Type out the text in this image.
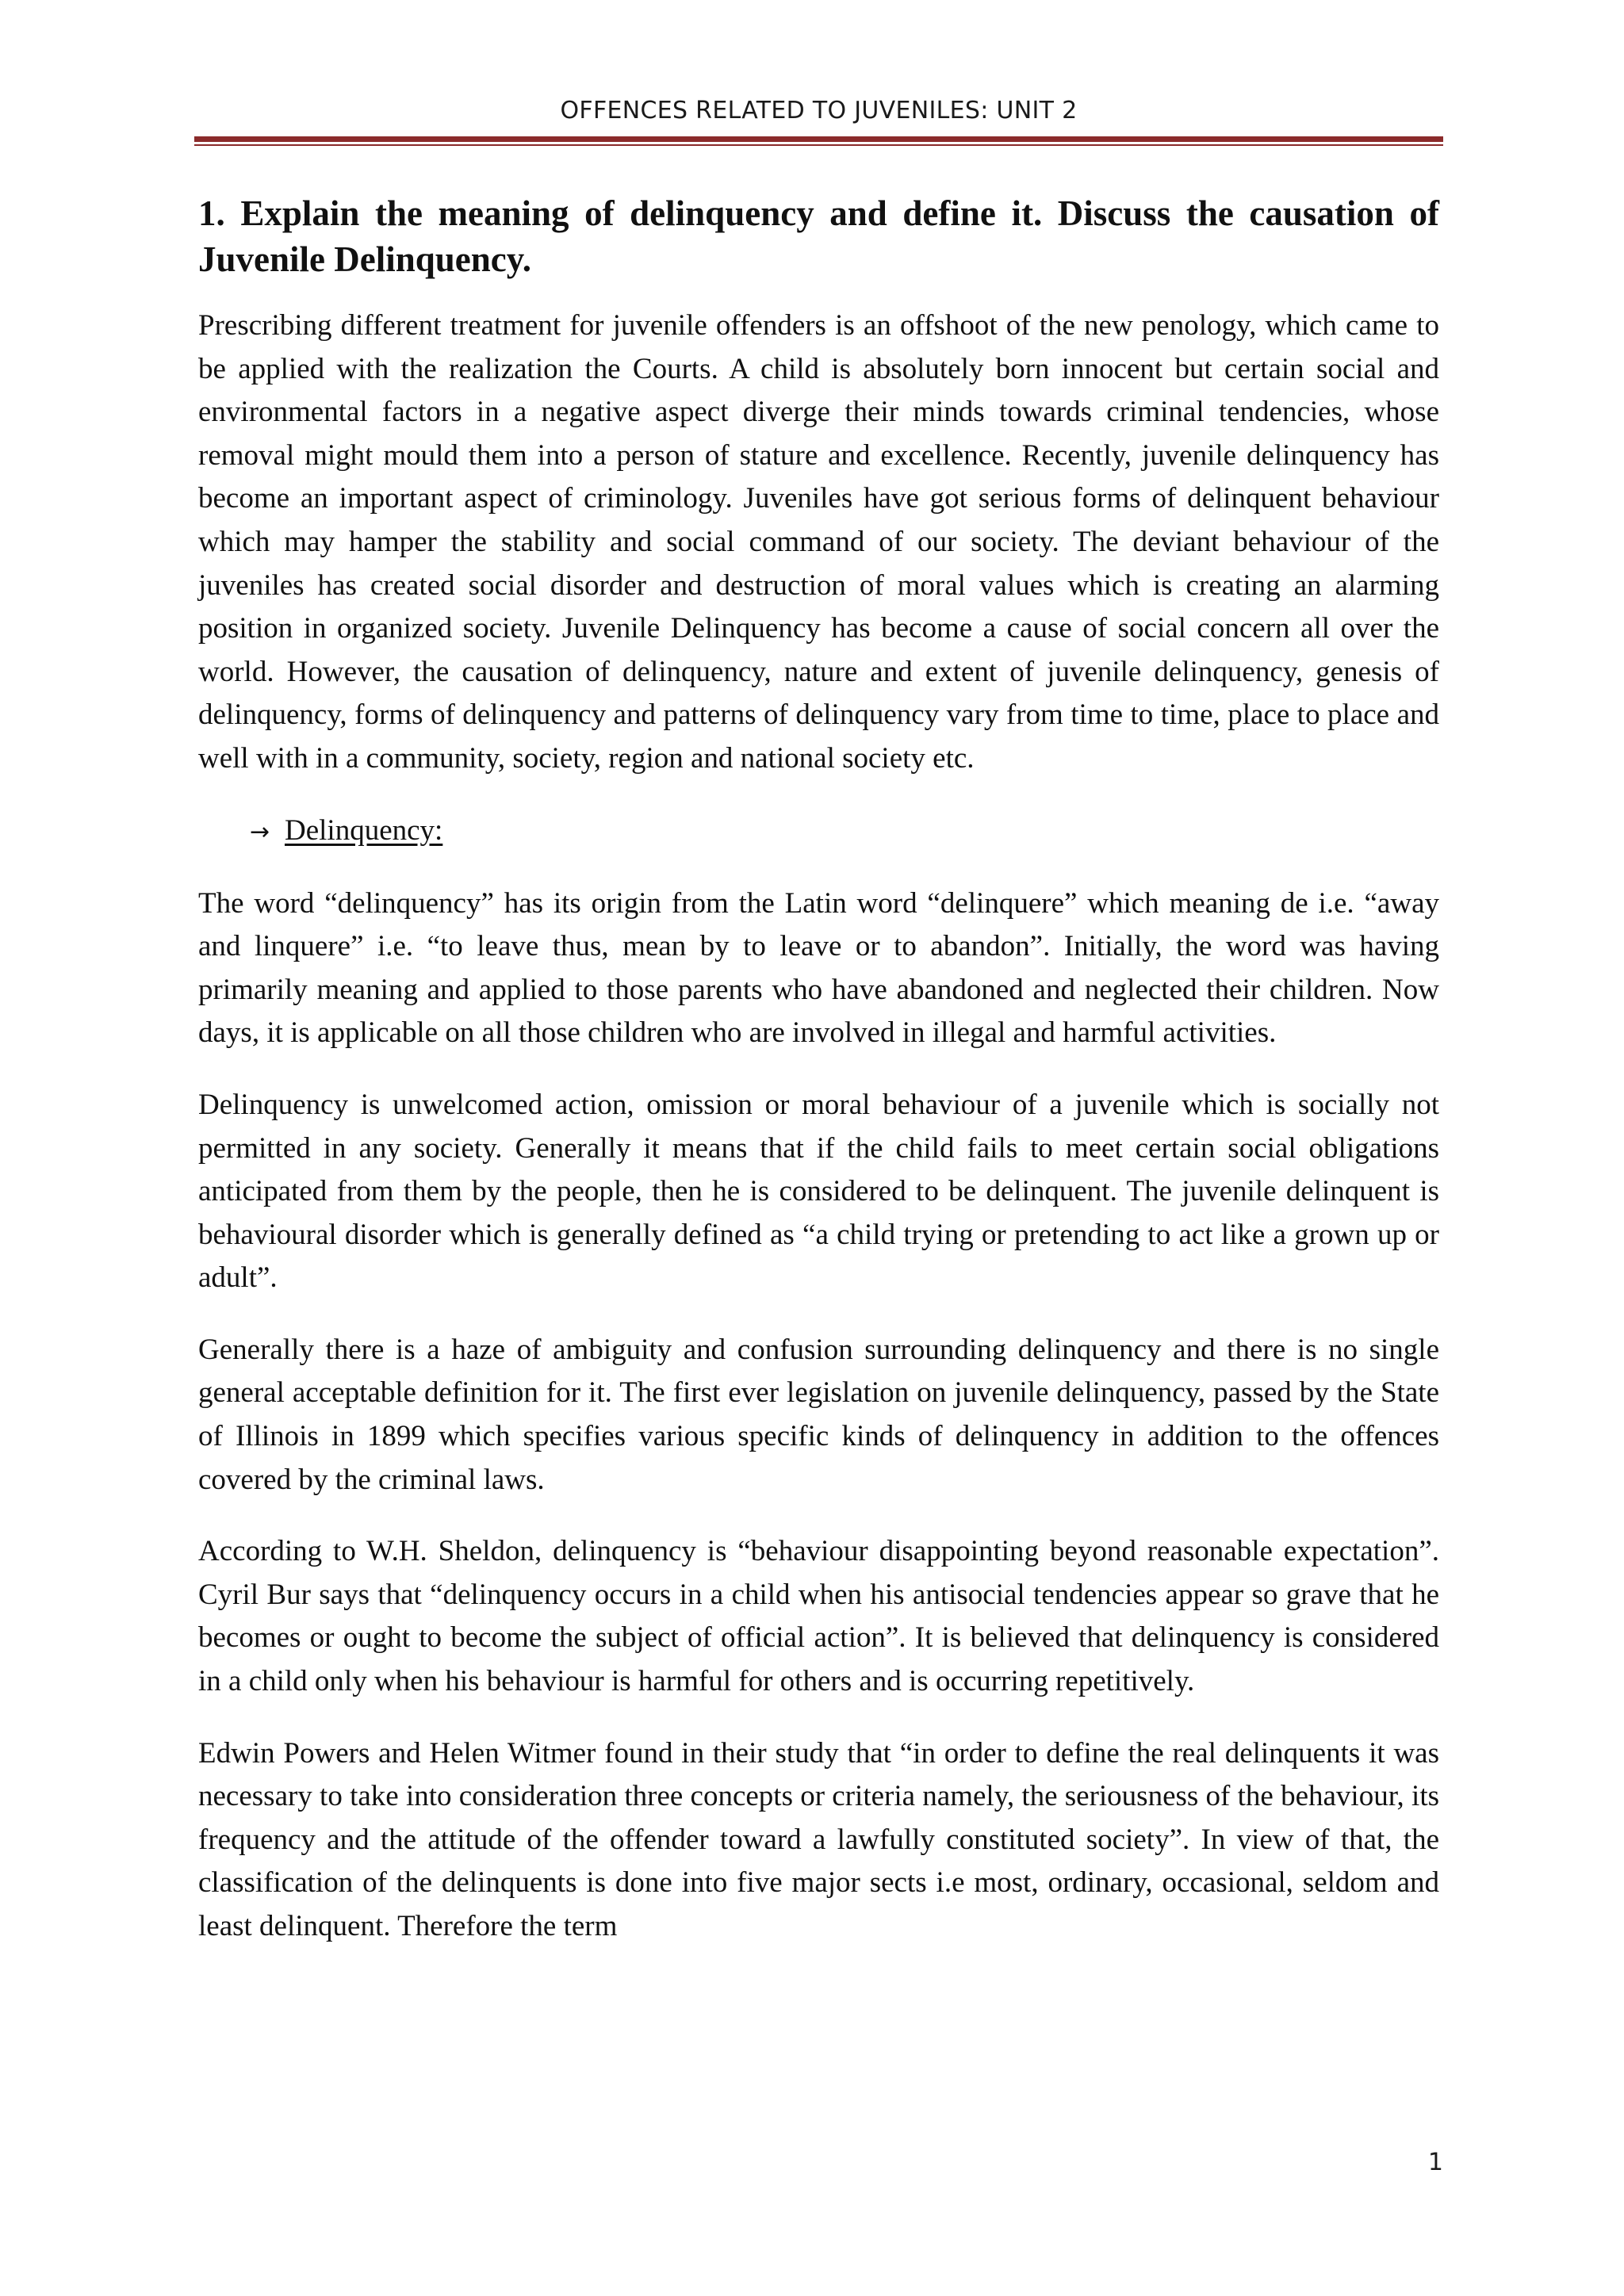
OFFENCES RELATED TO JUVENILES: UNIT 2
1. Explain the meaning of delinquency and define it. Discuss the causation of Juvenile Delinquency.

Prescribing different treatment for juvenile offenders is an offshoot of the new penology, which came to be applied with the realization the Courts. A child is absolutely born innocent but certain social and environmental factors in a negative aspect diverge their minds towards criminal tendencies, whose removal might mould them into a person of stature and excellence. Recently, juvenile delinquency has become an important aspect of criminology. Juveniles have got serious forms of delinquent behaviour which may hamper the stability and social command of our society. The deviant behaviour of the juveniles has created social disorder and destruction of moral values which is creating an alarming position in organized society. Juvenile Delinquency has become a cause of social concern all over the world. However, the causation of delinquency, nature and extent of juvenile delinquency, genesis of delinquency, forms of delinquency and patterns of delinquency vary from time to time, place to place and well with in a community, society, region and national society etc.

→ Delinquency:

The word “delinquency” has its origin from the Latin word “delinquere” which meaning de i.e. “away and linquere” i.e. “to leave thus, mean by to leave or to abandon”. Initially, the word was having primarily meaning and applied to those parents who have abandoned and neglected their children. Now days, it is applicable on all those children who are involved in illegal and harmful activities.

Delinquency is unwelcomed action, omission or moral behaviour of a juvenile which is socially not permitted in any society. Generally it means that if the child fails to meet certain social obligations anticipated from them by the people, then he is considered to be delinquent. The juvenile delinquent is behavioural disorder which is generally defined as “a child trying or pretending to act like a grown up or adult”.

Generally there is a haze of ambiguity and confusion surrounding delinquency and there is no single general acceptable definition for it. The first ever legislation on juvenile delinquency, passed by the State of Illinois in 1899 which specifies various specific kinds of delinquency in addition to the offences covered by the criminal laws.

According to W.H. Sheldon, delinquency is “behaviour disappointing beyond reasonable expectation”. Cyril Bur says that “delinquency occurs in a child when his antisocial tendencies appear so grave that he becomes or ought to become the subject of official action”. It is believed that delinquency is considered in a child only when his behaviour is harmful for others and is occurring repetitively.

Edwin Powers and Helen Witmer found in their study that “in order to define the real delinquents it was necessary to take into consideration three concepts or criteria namely, the seriousness of the behaviour, its frequency and the attitude of the offender toward a lawfully constituted society”. In view of that, the classification of the delinquents is done into five major sects i.e most, ordinary, occasional, seldom and least delinquent. Therefore the term

1
